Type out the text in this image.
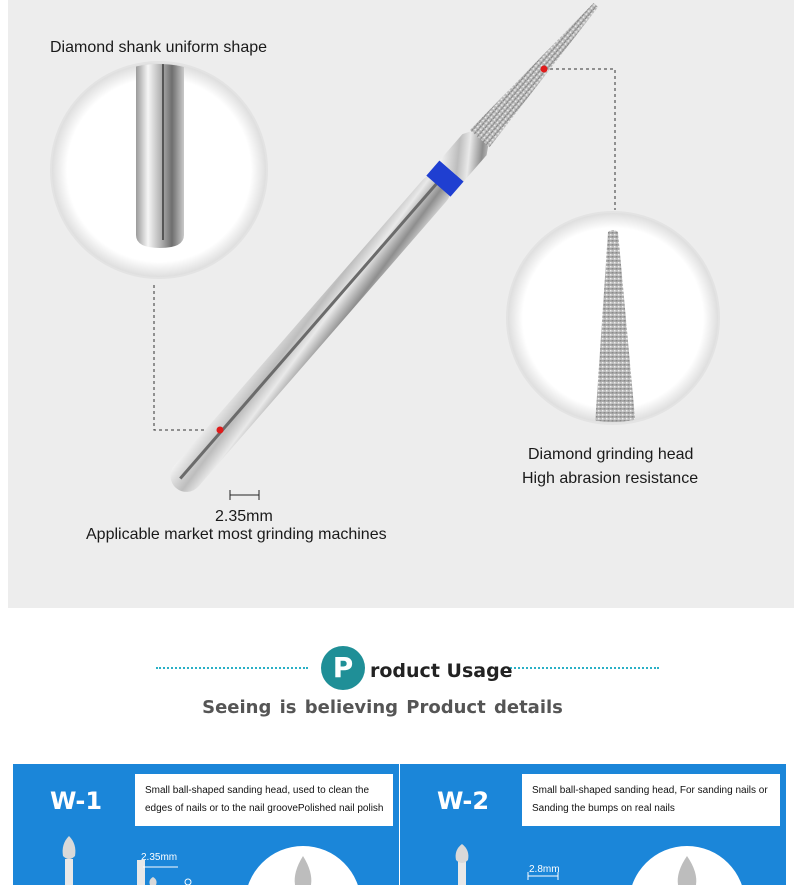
Diamond shank uniform shape
Diamond grinding head
High abrasion resistance
2.35mm
Applicable market most grinding machines
P roduct Usage
Seeing is believing Product details
W-1	Small ball-shaped sanding head, used to clean the
edges of nails or to the nail groovePolished nail polish
2.35mm
W-2	Small ball-shaped sanding head, For sanding nails or
Sanding the bumps on real nails
2.8mm
